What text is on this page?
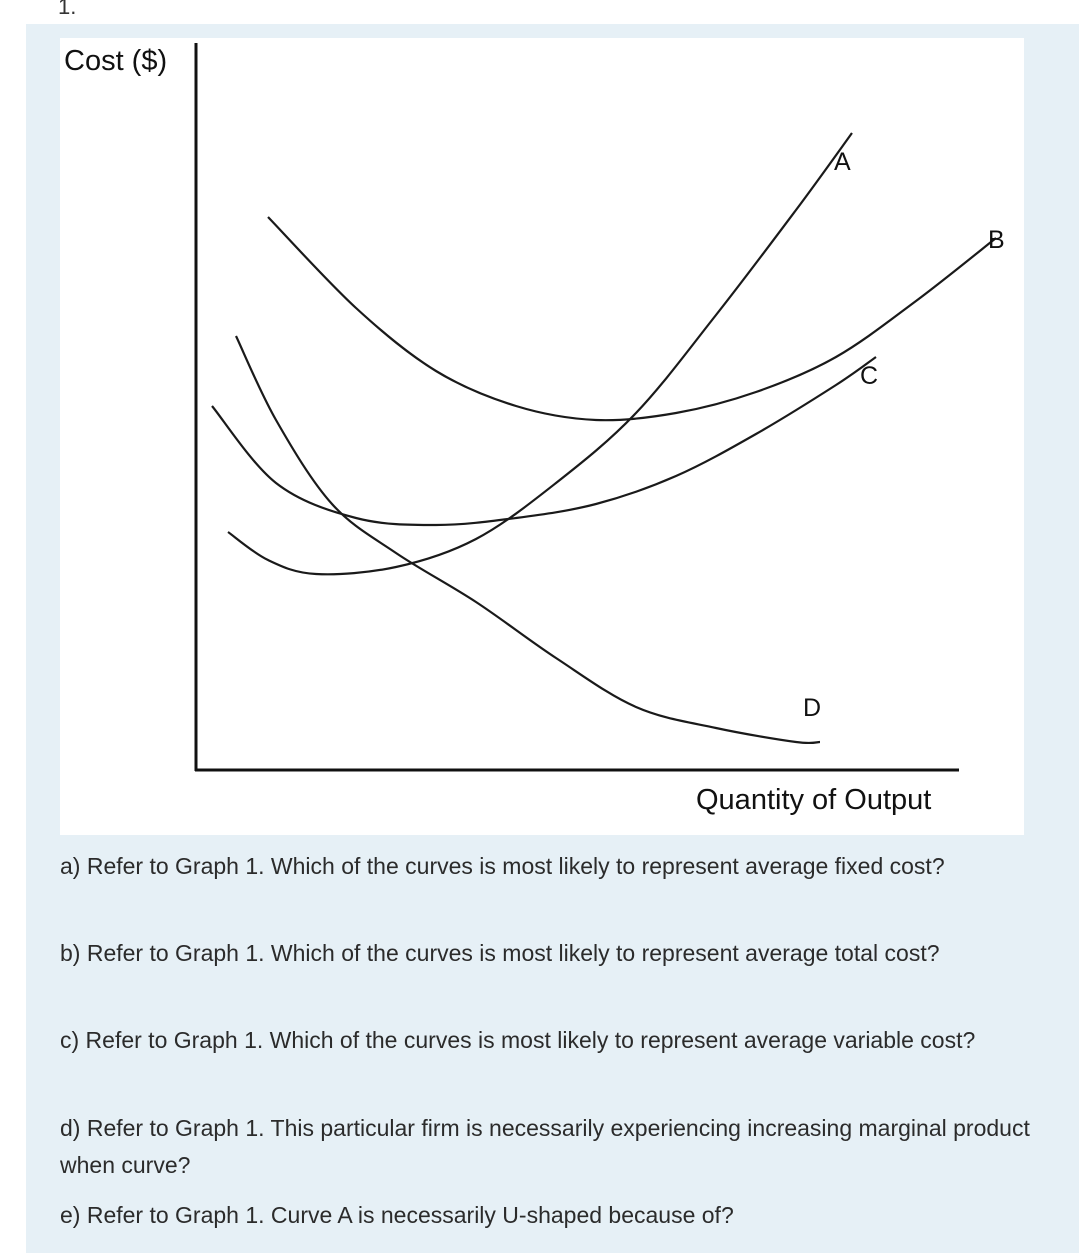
1.
Cost ($)
Quantity of Output
A
B
C
D
a) Refer to Graph 1. Which of the curves is most likely to represent average fixed cost?
b) Refer to Graph 1. Which of the curves is most likely to represent average total cost?
c) Refer to Graph 1. Which of the curves is most likely to represent average variable cost?
d) Refer to Graph 1. This particular firm is necessarily experiencing increasing marginal product when curve?
e) Refer to Graph 1. Curve A is necessarily U-shaped because of?
